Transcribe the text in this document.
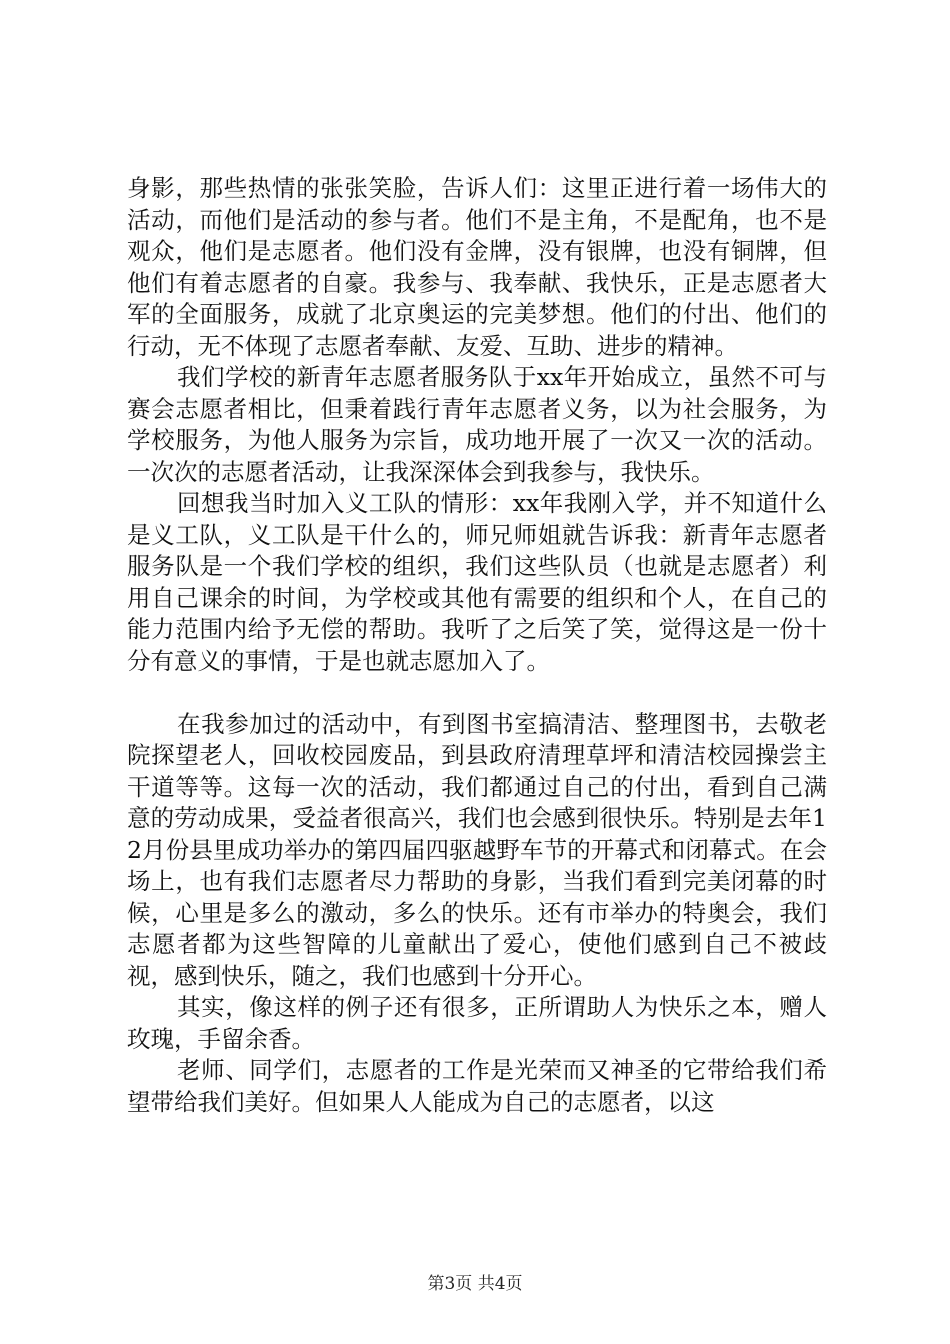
身影，那些热情的张张笑脸，告诉人们：这里正进行着一场伟大的活动，而他们是活动的参与者。他们不是主角，不是配角，也不是观众，他们是志愿者。他们没有金牌，没有银牌，也没有铜牌，但他们有着志愿者的自豪。我参与、我奉献、我快乐，正是志愿者大军的全面服务，成就了北京奥运的完美梦想。他们的付出、他们的行动，无不体现了志愿者奉献、友爱、互助、进步的精神。

我们学校的新青年志愿者服务队于xx年开始成立，虽然不可与赛会志愿者相比，但秉着践行青年志愿者义务，以为社会服务，为学校服务，为他人服务为宗旨，成功地开展了一次又一次的活动。一次次的志愿者活动，让我深深体会到我参与，我快乐。

回想我当时加入义工队的情形：xx年我刚入学，并不知道什么是义工队，义工队是干什么的，师兄师姐就告诉我：新青年志愿者服务队是一个我们学校的组织，我们这些队员（也就是志愿者）利用自己课余的时间，为学校或其他有需要的组织和个人，在自己的能力范围内给予无偿的帮助。我听了之后笑了笑，觉得这是一份十分有意义的事情，于是也就志愿加入了。

在我参加过的活动中，有到图书室搞清洁、整理图书，去敬老院探望老人，回收校园废品，到县政府清理草坪和清洁校园操尝主干道等等。这每一次的活动，我们都通过自己的付出，看到自己满意的劳动成果，受益者很高兴，我们也会感到很快乐。特别是去年12月份县里成功举办的第四届四驱越野车节的开幕式和闭幕式。在会场上，也有我们志愿者尽力帮助的身影，当我们看到完美闭幕的时候，心里是多么的激动，多么的快乐。还有市举办的特奥会，我们志愿者都为这些智障的儿童献出了爱心，使他们感到自己不被歧视，感到快乐，随之，我们也感到十分开心。

其实，像这样的例子还有很多，正所谓助人为快乐之本，赠人玫瑰，手留余香。

老师、同学们，志愿者的工作是光荣而又神圣的它带给我们希望带给我们美好。但如果人人能成为自己的志愿者，以这

第3页 共4页
